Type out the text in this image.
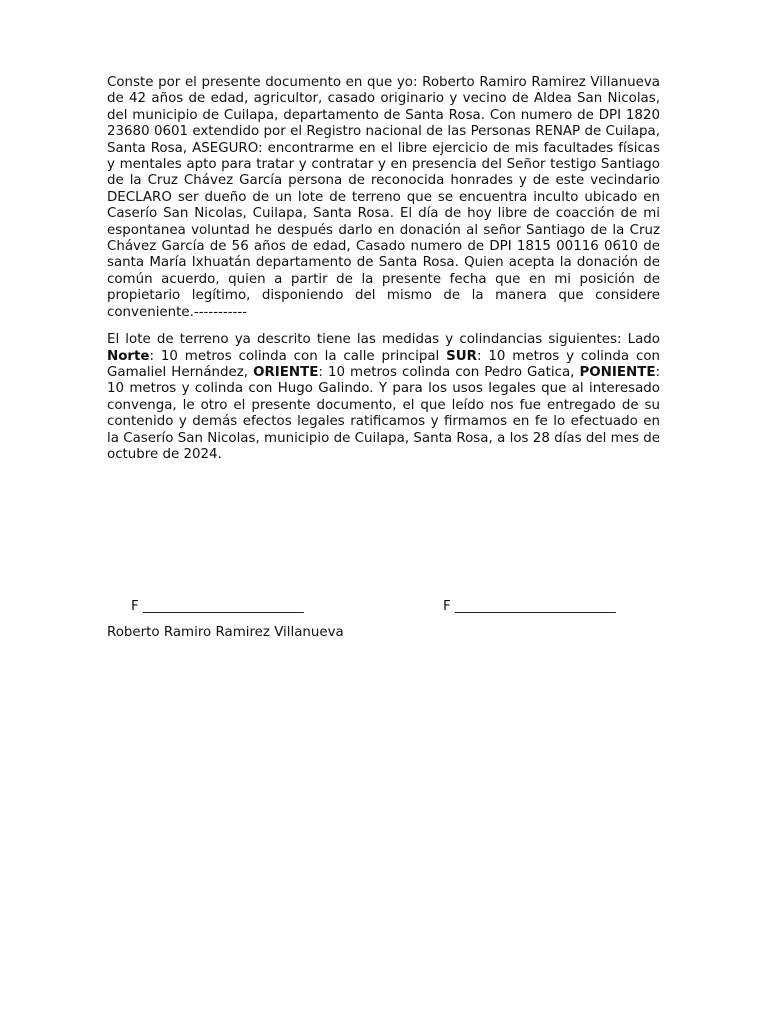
Conste por el presente documento en que yo: Roberto Ramiro Ramirez Villanueva de 42 años de edad, agricultor, casado originario y vecino de Aldea San Nicolas, del municipio de Cuilapa, departamento de Santa Rosa. Con numero de DPI 1820 23680 0601 extendido por el Registro nacional de las Personas RENAP de Cuilapa, Santa Rosa, ASEGURO: encontrarme en el libre ejercicio de mis facultades físicas y mentales apto para tratar y contratar y en presencia del Señor testigo Santiago de la Cruz Chávez García persona de reconocida honrades y de este vecindario DECLARO ser dueño de un lote de terreno que se encuentra inculto ubicado en Caserío San Nicolas, Cuilapa, Santa Rosa. El día de hoy libre de coacción de mi espontanea voluntad he después darlo en donación al señor Santiago de la Cruz Chávez García de 56 años de edad, Casado numero de DPI 1815 00116 0610 de santa María Ixhuatán departamento de Santa Rosa. Quien acepta la donación de común acuerdo, quien a partir de la presente fecha que en mi posición de propietario legítimo, disponiendo del mismo de la manera que considere conveniente.-----------

El lote de terreno ya descrito tiene las medidas y colindancias siguientes: Lado Norte: 10 metros colinda con la calle principal SUR: 10 metros y colinda con Gamaliel Hernández, ORIENTE: 10 metros colinda con Pedro Gatica, PONIENTE: 10 metros y colinda con Hugo Galindo. Y para los usos legales que al interesado convenga, le otro el presente documento, el que leído nos fue entregado de su contenido y demás efectos legales ratificamos y firmamos en fe lo efectuado en la Caserío San Nicolas, municipio de Cuilapa, Santa Rosa, a los 28 días del mes de octubre de 2024.

F ________________________	F ________________________
Roberto Ramiro Ramirez Villanueva
